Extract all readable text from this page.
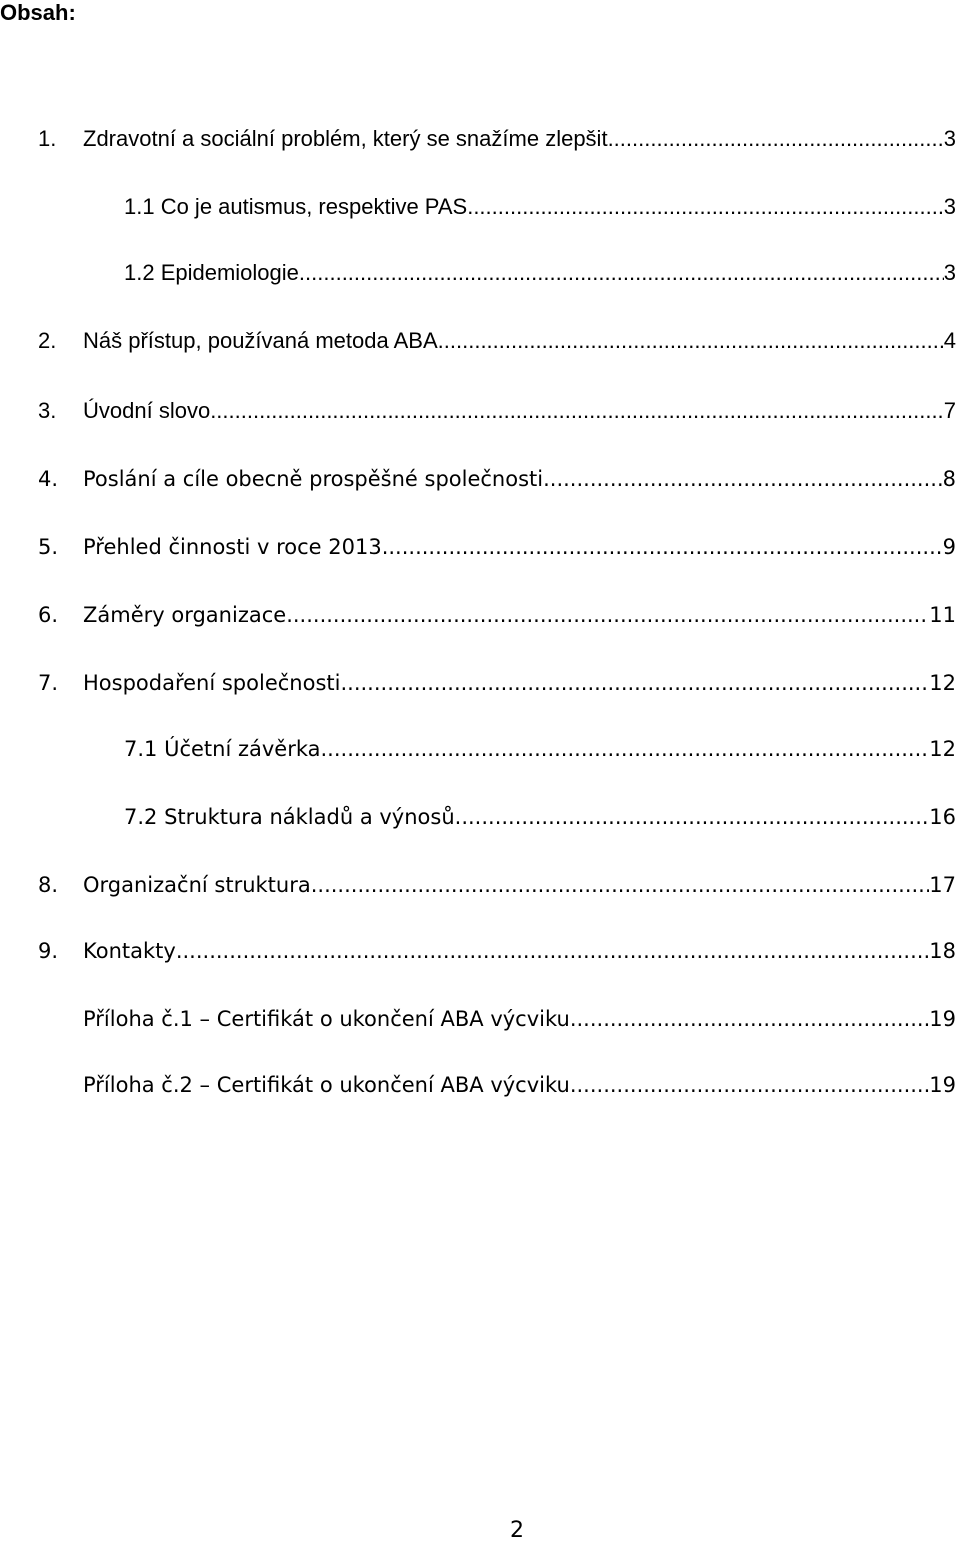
Obsah:
1.	Zdravotní a sociální problém, který se snažíme zlepšit .....	3
1.1 Co je autismus, respektive PAS .....	3
1.2 Epidemiologie .....	3
2.	Náš přístup, používaná metoda ABA .....	4
3.	Úvodní slovo .....	7
4.	Poslání a cíle obecně prospěšné společnosti .....	8
5.	Přehled činnosti v roce 2013 .....	9
6.	Záměry organizace .....	11
7.	Hospodaření společnosti .....	12
7.1 Účetní závěrka .....	12
7.2 Struktura nákladů a výnosů .....	16
8.	Organizační struktura .....	17
9.	Kontakty .....	18
Příloha č.1 – Certifikát o ukončení ABA výcviku .....	19
Příloha č.2 – Certifikát o ukončení ABA výcviku .....	19
2
